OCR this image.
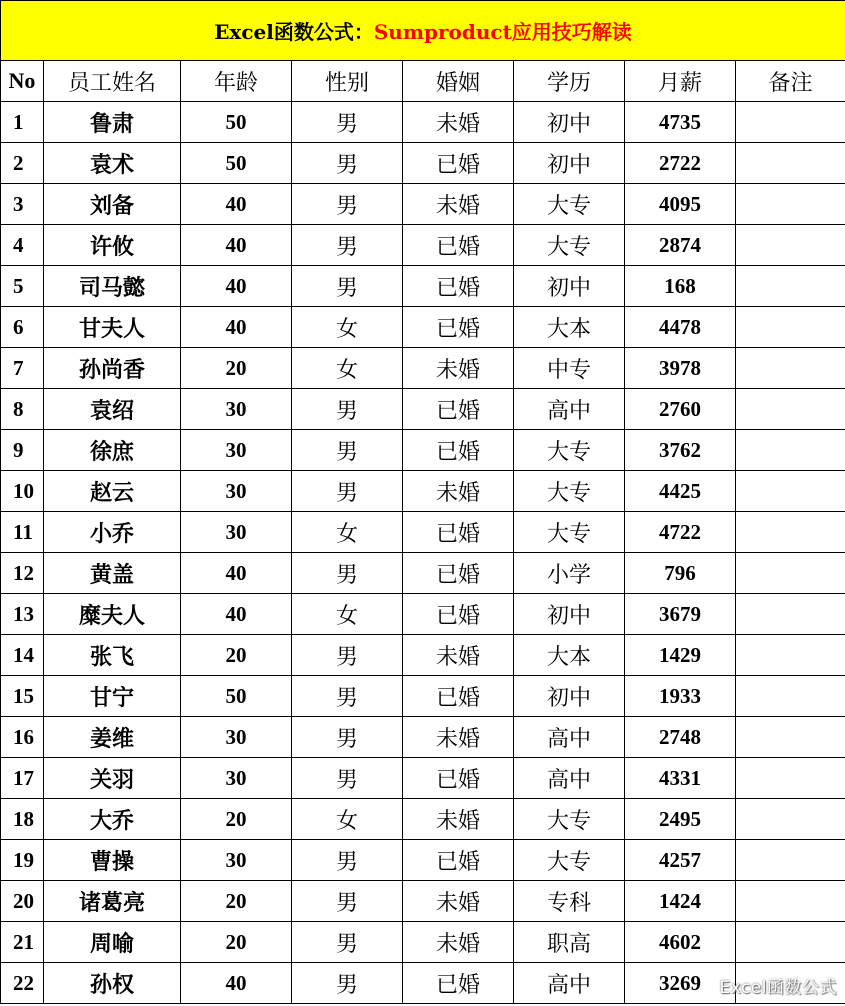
Excel函数公式：Sumproduct应用技巧解读							
No	员工姓名	年龄	性别	婚姻	学历	月薪	备注
1	鲁肃	50	男	未婚	初中	4735	
2	袁术	50	男	已婚	初中	2722	
3	刘备	40	男	未婚	大专	4095	
4	许攸	40	男	已婚	大专	2874	
5	司马懿	40	男	已婚	初中	168	
6	甘夫人	40	女	已婚	大本	4478	
7	孙尚香	20	女	未婚	中专	3978	
8	袁绍	30	男	已婚	高中	2760	
9	徐庶	30	男	已婚	大专	3762	
10	赵云	30	男	未婚	大专	4425	
11	小乔	30	女	已婚	大专	4722	
12	黄盖	40	男	已婚	小学	796	
13	糜夫人	40	女	已婚	初中	3679	
14	张飞	20	男	未婚	大本	1429	
15	甘宁	50	男	已婚	初中	1933	
16	姜维	30	男	未婚	高中	2748	
17	关羽	30	男	已婚	高中	4331	
18	大乔	20	女	未婚	大专	2495	
19	曹操	30	男	已婚	大专	4257	
20	诸葛亮	20	男	未婚	专科	1424	
21	周喻	20	男	未婚	职高	4602	
22	孙权	40	男	已婚	高中	3269	Excel函数公式
